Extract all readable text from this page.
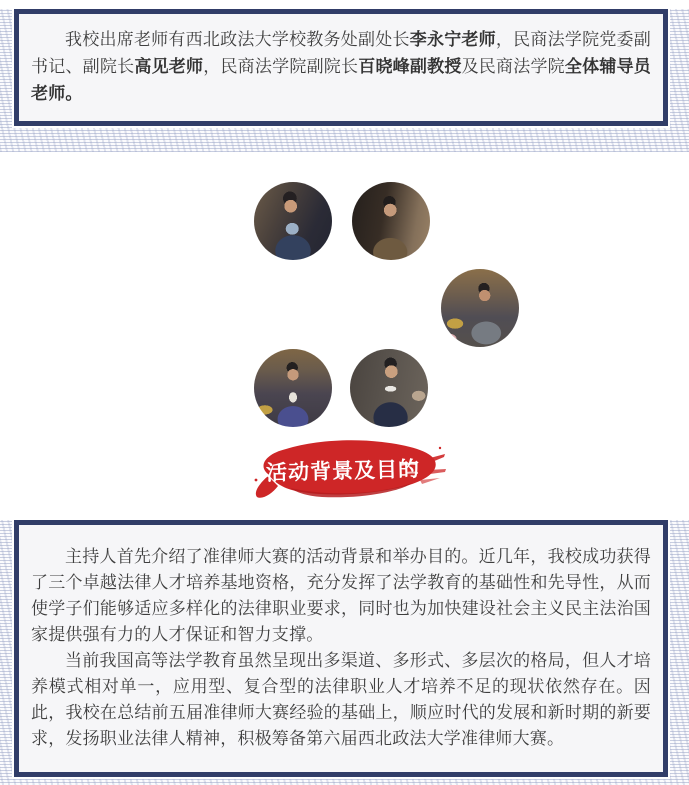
我校出席老师有西北政法大学校教务处副处长李永宁老师，民商法学院党委副书记、副院长高见老师，民商法学院副院长百晓峰副教授及民商法学院全体辅导员老师。

活动背景及目的

主持人首先介绍了准律师大赛的活动背景和举办目的。近几年，我校成功获得了三个卓越法律人才培养基地资格，充分发挥了法学教育的基础性和先导性，从而使学子们能够适应多样化的法律职业要求，同时也为加快建设社会主义民主法治国家提供强有力的人才保证和智力支撑。

当前我国高等法学教育虽然呈现出多渠道、多形式、多层次的格局，但人才培养模式相对单一，应用型、复合型的法律职业人才培养不足的现状依然存在。因此，我校在总结前五届准律师大赛经验的基础上，顺应时代的发展和新时期的新要求，发扬职业法律人精神，积极筹备第六届西北政法大学准律师大赛。
